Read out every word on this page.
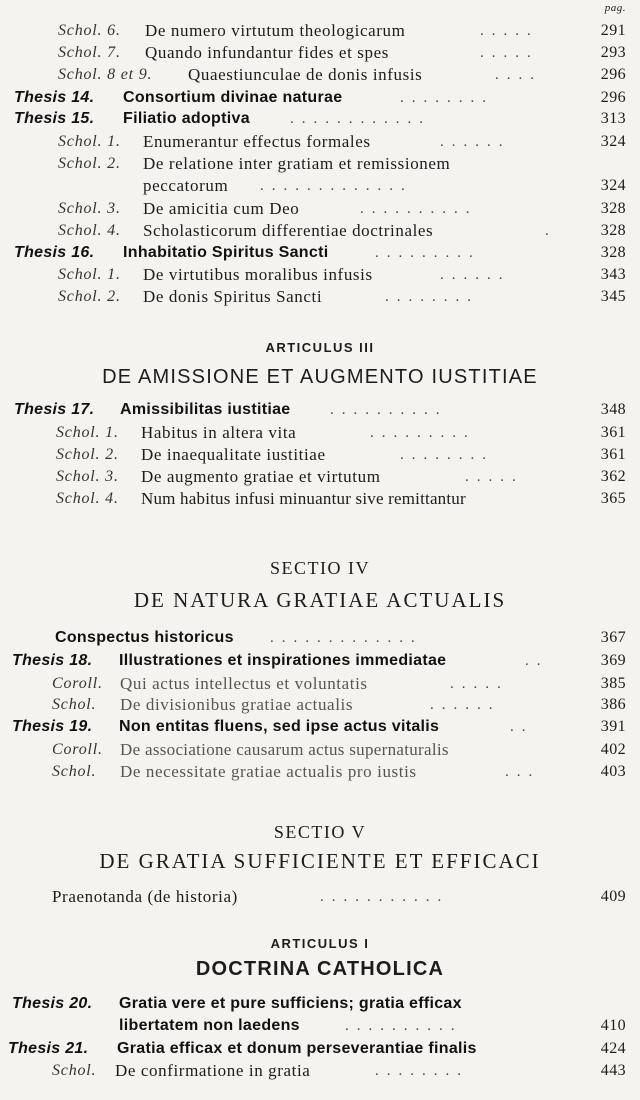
pag.
Schol. 6. De numero virtutum theologicarum	.....	291
Schol. 7. Quando infundantur fides et spes	.....	293
Schol. 8 et 9. Quaestiunculae de donis infusis	....	296
Thesis 14. Consortium divinae naturae	........	296
Thesis 15. Filiatio adoptiva	............	313
Schol. 1. Enumerantur effectus formales	......	324
Schol. 2. De relatione inter gratiam et remissionem
peccatorum .............	324
Schol. 3. De amicitia cum Deo	..........	328
Schol. 4. Scholasticorum differentiae doctrinales	.	328
Thesis 16. Inhabitatio Spiritus Sancti	.........	328
Schol. 1. De virtutibus moralibus infusis	......	343
Schol. 2. De donis Spiritus Sancti	........	345
ARTICULUS III
DE AMISSIONE ET AUGMENTO IUSTITIAE
Thesis 17. Amissibilitas iustitiae	..........	348
Schol. 1. Habitus in altera vita	.........	361
Schol. 2. De inaequalitate iustitiae	........	361
Schol. 3. De augmento gratiae et virtutum	.....	362
Schol. 4. Num habitus infusi minuantur sive remittantur	365
SECTIO IV
DE NATURA GRATIAE ACTUALIS
Conspectus historicus .............	367
Thesis 18. Illustrationes et inspirationes immediatae	..	369
Coroll. Qui actus intellectus et voluntatis	.....	385
Schol. De divisionibus gratiae actualis	......	386
Thesis 19. Non entitas fluens, sed ipse actus vitalis	..	391
Coroll. De associatione causarum actus supernaturalis	402
Schol. De necessitate gratiae actualis pro iustis	...	403
SECTIO V
DE GRATIA SUFFICIENTE ET EFFICACI
Praenotanda (de historia)	...........	409
ARTICULUS I
DOCTRINA CATHOLICA
Thesis 20. Gratia vere et pure sufficiens; gratia efficax
libertatem non laedens	..........	410
Thesis 21. Gratia efficax et donum perseverantiae finalis	424
Schol. De confirmatione in gratia	........	443
